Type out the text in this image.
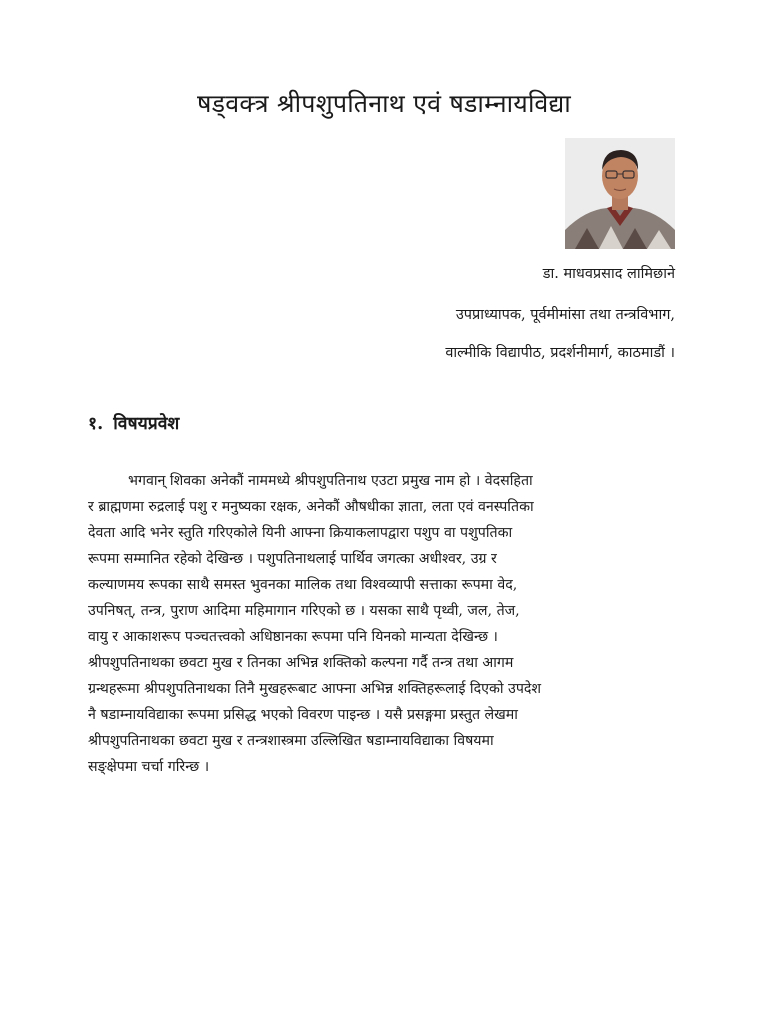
षड्वक्त्र श्रीपशुपतिनाथ एवं षडाम्नायविद्या
डा. माधवप्रसाद लामिछाने
उपप्राध्यापक, पूर्वमीमांसा तथा तन्त्रविभाग,
वाल्मीकि विद्यापीठ, प्रदर्शनीमार्ग, काठमाडौं ।
१. विषयप्रवेश
भगवान् शिवका अनेकौं नाममध्ये श्रीपशुपतिनाथ एउटा प्रमुख नाम हो । वेदसहिता
र ब्राह्मणमा रुद्रलाई पशु र मनुष्यका रक्षक, अनेकौं औषधीका ज्ञाता, लता एवं वनस्पतिका
देवता आदि भनेर स्तुति गरिएकोले यिनी आफ्ना क्रियाकलापद्वारा पशुप वा पशुपतिका
रूपमा सम्मानित रहेको देखिन्छ । पशुपतिनाथलाई पार्थिव जगत्का अधीश्वर, उग्र र
कल्याणमय रूपका साथै समस्त भुवनका मालिक तथा विश्वव्यापी सत्ताका रूपमा वेद,
उपनिषत्, तन्त्र, पुराण आदिमा महिमागान गरिएको छ । यसका साथै पृथ्वी, जल, तेज,
वायु र आकाशरूप पञ्चतत्त्वको अधिष्ठानका रूपमा पनि यिनको मान्यता देखिन्छ ।
श्रीपशुपतिनाथका छवटा मुख र तिनका अभिन्न शक्तिको कल्पना गर्दै तन्त्र तथा आगम
ग्रन्थहरूमा श्रीपशुपतिनाथका तिनै मुखहरूबाट आफ्ना अभिन्न शक्तिहरूलाई दिएको उपदेश
नै षडाम्नायविद्याका रूपमा प्रसिद्ध भएको विवरण पाइन्छ । यसै प्रसङ्गमा प्रस्तुत लेखमा
श्रीपशुपतिनाथका छवटा मुख र तन्त्रशास्त्रमा उल्लिखित षडाम्नायविद्याका विषयमा
सङ्क्षेपमा चर्चा गरिन्छ ।
